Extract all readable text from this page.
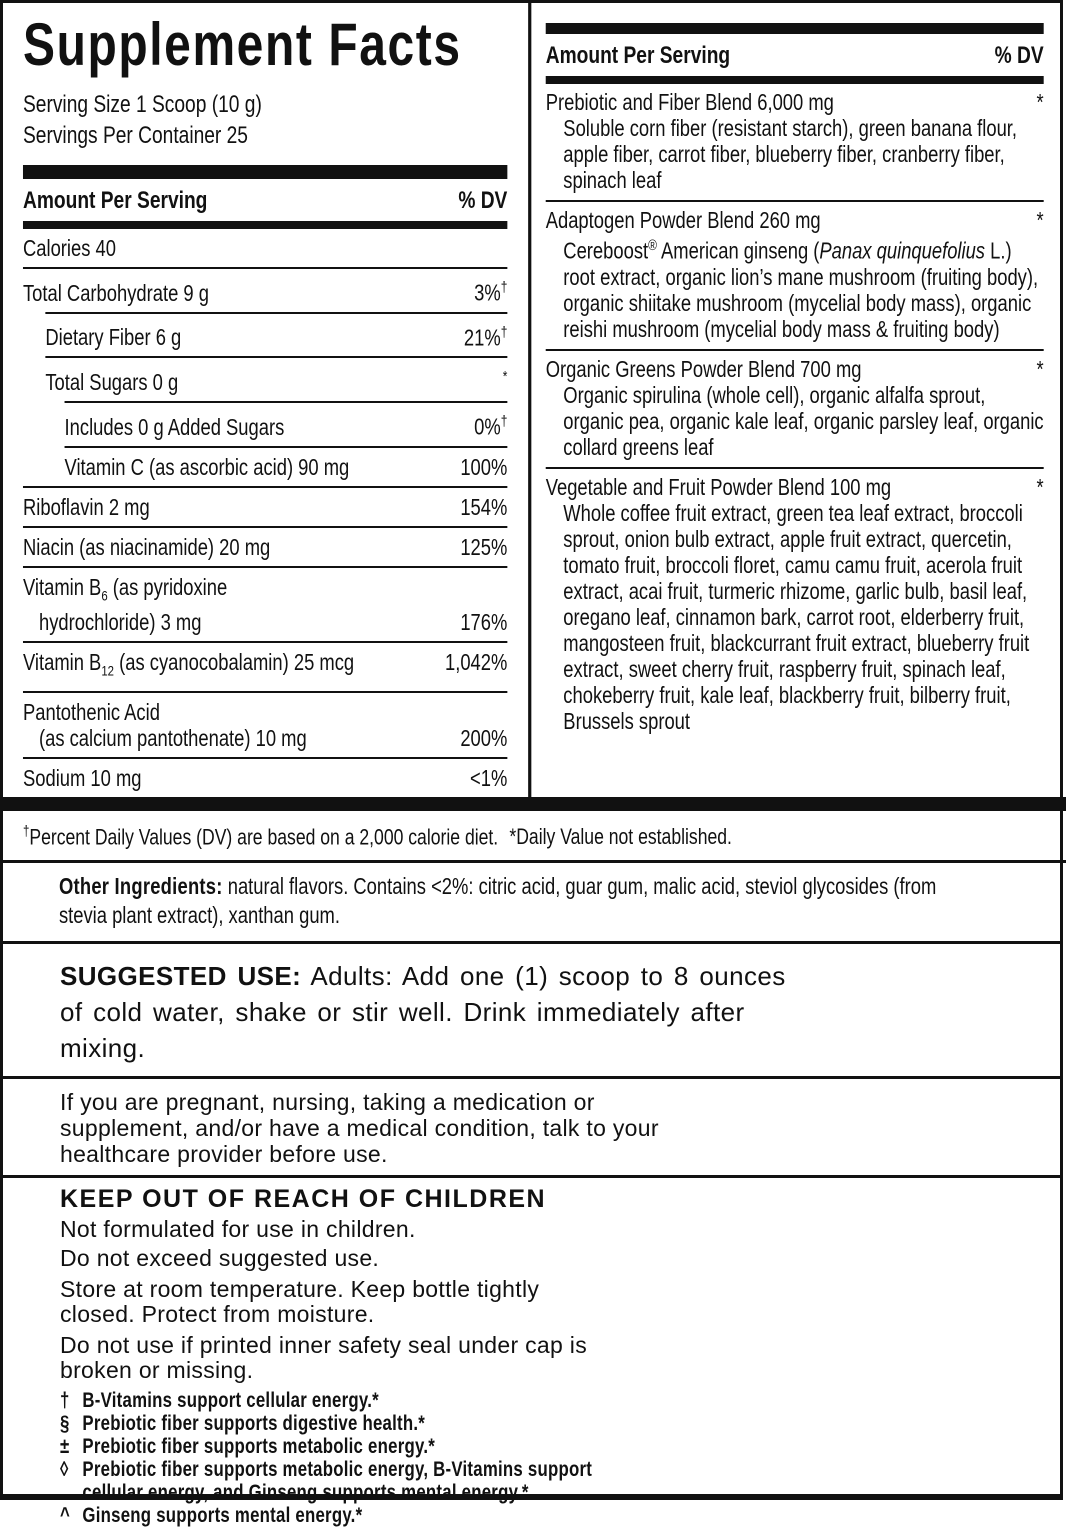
Supplement Facts
Serving Size 1 Scoop (10 g)
Servings Per Container 25
Amount Per Serving	% DV
Calories 40
Total Carbohydrate 9 g	3%†
Dietary Fiber 6 g	21%†
Total Sugars 0 g	*
Includes 0 g Added Sugars	0%†
Vitamin C (as ascorbic acid) 90 mg	100%
Riboflavin 2 mg	154%
Niacin (as niacinamide) 20 mg	125%
Vitamin $B_6$ (as pyridoxine
hydrochloride) 3 mg	176%
Vitamin $B_{12}$ (as cyanocobalamin) 25 mcg	1,042%
Pantothenic Acid
(as calcium pantothenate) 10 mg	200%
Sodium 10 mg	<1%
Amount Per Serving	% DV
Prebiotic and Fiber Blend 6,000 mg	*
Soluble corn fiber (resistant starch), green banana flour, apple fiber, carrot fiber, blueberry fiber, cranberry fiber, spinach leaf
Adaptogen Powder Blend 260 mg	*
Cereboost® American ginseng (Panax quinquefolius L.) root extract, organic lion’s mane mushroom (fruiting body), organic shiitake mushroom (mycelial body mass), organic reishi mushroom (mycelial body mass & fruiting body)
Organic Greens Powder Blend 700 mg	*
Organic spirulina (whole cell), organic alfalfa sprout, organic pea, organic kale leaf, organic parsley leaf, organic collard greens leaf
Vegetable and Fruit Powder Blend 100 mg	*
Whole coffee fruit extract, green tea leaf extract, broccoli sprout, onion bulb extract, apple fruit extract, quercetin, tomato fruit, broccoli floret, camu camu fruit, acerola fruit extract, acai fruit, turmeric rhizome, garlic bulb, basil leaf, oregano leaf, cinnamon bark, carrot root, elderberry fruit, mangosteen fruit, blackcurrant fruit extract, blueberry fruit extract, sweet cherry fruit, raspberry fruit, spinach leaf, chokeberry fruit, kale leaf, blackberry fruit, bilberry fruit, Brussels sprout
†Percent Daily Values (DV) are based on a 2,000 calorie diet. *Daily Value not established.
Other Ingredients: natural flavors. Contains <2%: citric acid, guar gum, malic acid, steviol glycosides (from stevia plant extract), xanthan gum.
SUGGESTED USE: Adults: Add one (1) scoop to 8 ounces of cold water, shake or stir well. Drink immediately after mixing.

If you are pregnant, nursing, taking a medication or supplement, and/or have a medical condition, talk to your healthcare provider before use.

KEEP OUT OF REACH OF CHILDREN

Not formulated for use in children.

Do not exceed suggested use.

Store at room temperature. Keep bottle tightly closed. Protect from moisture.

Do not use if printed inner safety seal under cap is broken or missing.

† B-Vitamins support cellular energy.*
§ Prebiotic fiber supports digestive health.*
± Prebiotic fiber supports metabolic energy.*
◊ Prebiotic fiber supports metabolic energy, B-Vitamins support cellular energy, and Ginseng supports mental energy.*
^ Ginseng supports mental energy.*
